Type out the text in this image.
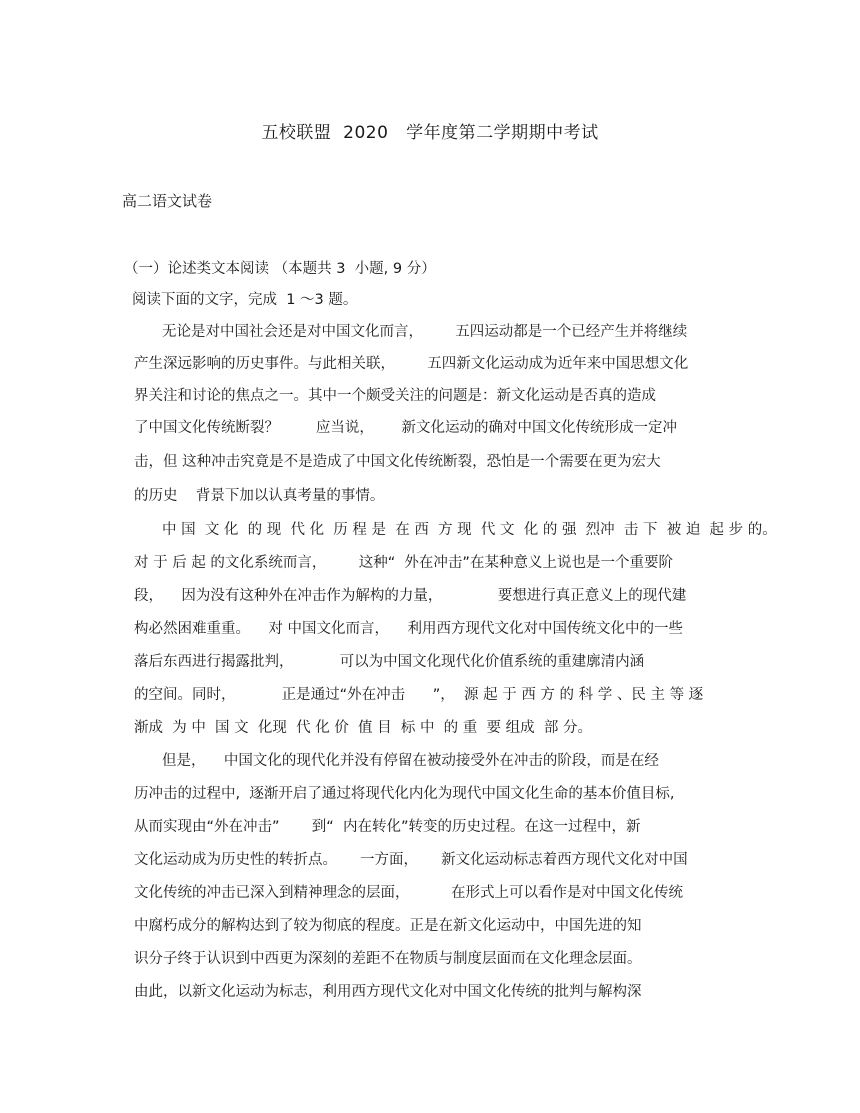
五校联盟  2020   学年度第二学期期中考试
高二语文试卷
（一）论述类文本阅读 （本题共 3  小题, 9 分）
阅读下面的文字，完成  1 ～3 题。
无论是对中国社会还是对中国文化而言，       五四运动都是一个已经产生并将继续
产生深远影响的历史事件。与此相关联，       五四新文化运动成为近年来中国思想文化
界关注和讨论的焦点之一。其中一个颇受关注的问题是：新文化运动是否真的造成
了中国文化传统断裂？        应当说，      新文化运动的确对中国文化传统形成一定冲
击，但 这种冲击究竟是不是造成了中国文化传统断裂，恐怕是一个需要在更为宏大
的历史    背景下加以认真考量的事情。
中 国  文 化  的 现  代 化  历 程 是  在 西  方 现  代 文  化 的 强  烈冲  击 下  被 迫  起 步 的。
对 于 后 起 的文化系统而言，       这种“  外在冲击”在某种意义上说也是一个重要阶
段，    因为没有这种外在冲击作为解构的力量，            要想进行真正意义上的现代建
构必然困难重重。    对 中国文化而言，    利用西方现代文化对中国传统文化中的一些
落后东西进行揭露批判，          可以为中国文化现代化价值系统的重建廓清内涵
的空间。同时，          正是通过“外在冲击      ”，  源 起 于 西 方 的 科 学 、民 主 等 逐
渐成  为 中  国 文  化现  代 化 价  值 目  标 中  的 重  要 组成  部 分。
但是，    中国文化的现代化并没有停留在被动接受外在冲击的阶段，而是在经
历冲击的过程中,  逐渐开启了通过将现代化内化为现代中国文化生命的基本价值目标,
从而实现由“外在冲击”       到“  内在转化”转变的历史过程。在这一过程中，新
文化运动成为历史性的转折点。     一方面，     新文化运动标志着西方现代文化对中国
文化传统的冲击已深入到精神理念的层面，         在形式上可以看作是对中国文化传统
中腐朽成分的解构达到了较为彻底的程度。正是在新文化运动中，中国先进的知
识分子终于认识到中西更为深刻的差距不在物质与制度层面而在文化理念层面。
由此，以新文化运动为标志，利用西方现代文化对中国文化传统的批判与解构深
